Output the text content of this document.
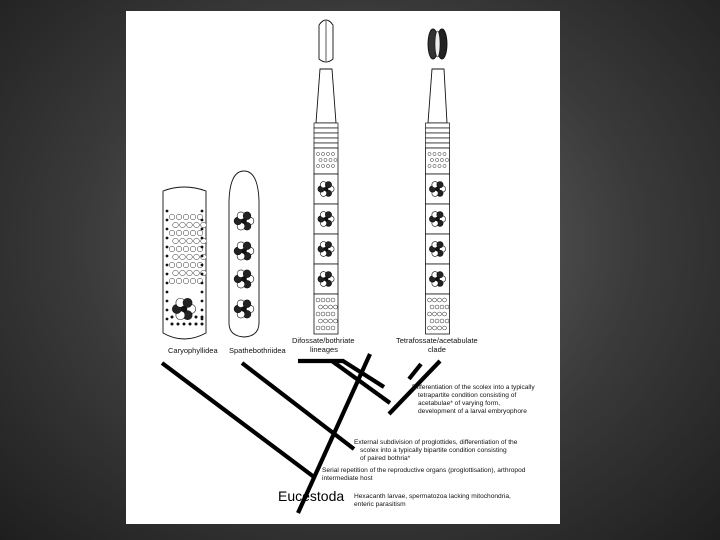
Caryophyllidea Spathebothriidea
Difossate/bothriate
lineages
Tetrafossate/acetabulate
clade
Differentiation of the scolex into a typically
tetrapartite condition consisting of
acetabulae* of varying form,
development of a larval embryophore
External subdivision of proglottides, differentiation of the
scolex into a typically bipartite condition consisting
of paired bothria*
Serial repetition of the reproductive organs (proglottisation), arthropod
intermediate host
Eucestoda Hexacanth larvae, spermatozoa lacking mitochondria,
enteric parasitism
